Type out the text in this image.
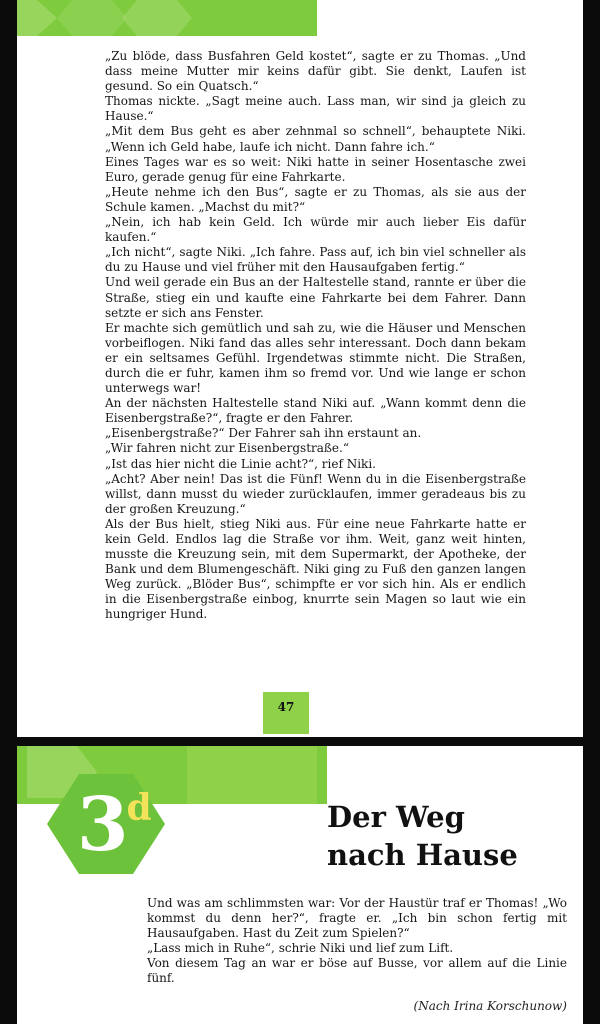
„Zu blöde, dass Busfahren Geld kostet“, sagte er zu Thomas. „Und dass meine Mutter mir keins dafür gibt. Sie denkt, Laufen ist gesund. So ein Quatsch.“

Thomas nickte. „Sagt meine auch. Lass man, wir sind ja gleich zu Hause.“

„Mit dem Bus geht es aber zehnmal so schnell“, behauptete Niki. „Wenn ich Geld habe, laufe ich nicht. Dann fahre ich.“

Eines Tages war es so weit: Niki hatte in seiner Hosentasche zwei Euro, gerade genug für eine Fahrkarte.

„Heute nehme ich den Bus“, sagte er zu Thomas, als sie aus der Schule kamen. „Machst du mit?“

„Nein, ich hab kein Geld. Ich würde mir auch lieber Eis dafür kaufen.“

„Ich nicht“, sagte Niki. „Ich fahre. Pass auf, ich bin viel schneller als du zu Hause und viel früher mit den Hausaufgaben fertig.“

Und weil gerade ein Bus an der Haltestelle stand, rannte er über die Straße, stieg ein und kaufte eine Fahrkarte bei dem Fahrer. Dann setzte er sich ans Fenster.

Er machte sich gemütlich und sah zu, wie die Häuser und Menschen vorbeiflogen. Niki fand das alles sehr interessant. Doch dann bekam er ein seltsames Gefühl. Irgendetwas stimmte nicht. Die Straßen, durch die er fuhr, kamen ihm so fremd vor. Und wie lange er schon unterwegs war!

An der nächsten Haltestelle stand Niki auf. „Wann kommt denn die Eisenbergstraße?“, fragte er den Fahrer.

„Eisenbergstraße?“ Der Fahrer sah ihn erstaunt an.

„Wir fahren nicht zur Eisenbergstraße.“

„Ist das hier nicht die Linie acht?“, rief Niki.

„Acht? Aber nein! Das ist die Fünf! Wenn du in die Eisenbergstraße willst, dann musst du wieder zurücklaufen, immer geradeaus bis zu der großen Kreuzung.“

Als der Bus hielt, stieg Niki aus. Für eine neue Fahrkarte hatte er kein Geld. Endlos lag die Straße vor ihm. Weit, ganz weit hinten, musste die Kreuzung sein, mit dem Supermarkt, der Apotheke, der Bank und dem Blumengeschäft. Niki ging zu Fuß den ganzen langen Weg zurück. „Blöder Bus“, schimpfte er vor sich hin. Als er endlich in die Eisenbergstraße einbog, knurrte sein Magen so laut wie ein hungriger Hund.

47
3d	Der Weg
nach Hause

Und was am schlimmsten war: Vor der Haustür traf er Thomas! „Wo kommst du denn her?“, fragte er. „Ich bin schon fertig mit Hausaufgaben. Hast du Zeit zum Spielen?“

„Lass mich in Ruhe“, schrie Niki und lief zum Lift.

Von diesem Tag an war er böse auf Busse, vor allem auf die Linie fünf.

(Nach Irina Korschunow)
